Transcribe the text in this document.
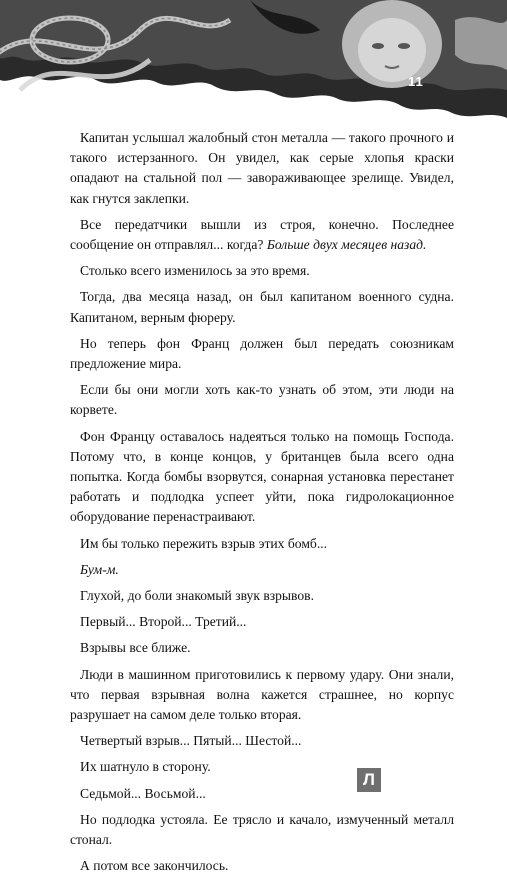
11

Капитан услышал жалобный стон металла — такого прочного и такого истерзанного. Он увидел, как серые хлопья краски опадают на стальной пол — завораживающее зрелище. Увидел, как гнутся заклепки.

Все передатчики вышли из строя, конечно. Последнее сообщение он отправлял... когда? Больше двух месяцев назад.

Столько всего изменилось за это время.

Тогда, два месяца назад, он был капитаном военного судна. Капитаном, верным фюреру.

Но теперь фон Франц должен был передать союзникам предложение мира.

Если бы они могли хоть как-то узнать об этом, эти люди на корвете.

Фон Францу оставалось надеяться только на помощь Господа. Потому что, в конце концов, у британцев была всего одна попытка. Когда бомбы взорвутся, сонарная установка перестанет работать и подлодка успеет уйти, пока гидролокационное оборудование перенастраивают.

Им бы только пережить взрыв этих бомб...

Бум-м.

Глухой, до боли знакомый звук взрывов.

Первый... Второй... Третий...

Взрывы все ближе.

Люди в машинном приготовились к первому удару. Они знали, что первая взрывная волна кажется страшнее, но корпус разрушает на самом деле только вторая.

Четвертый взрыв... Пятый... Шестой...

Их шатнуло в сторону.

Седьмой... Восьмой...

Но подлодка устояла. Ее трясло и качало, измученный металл стонал.

А потом все закончилось.

Л
